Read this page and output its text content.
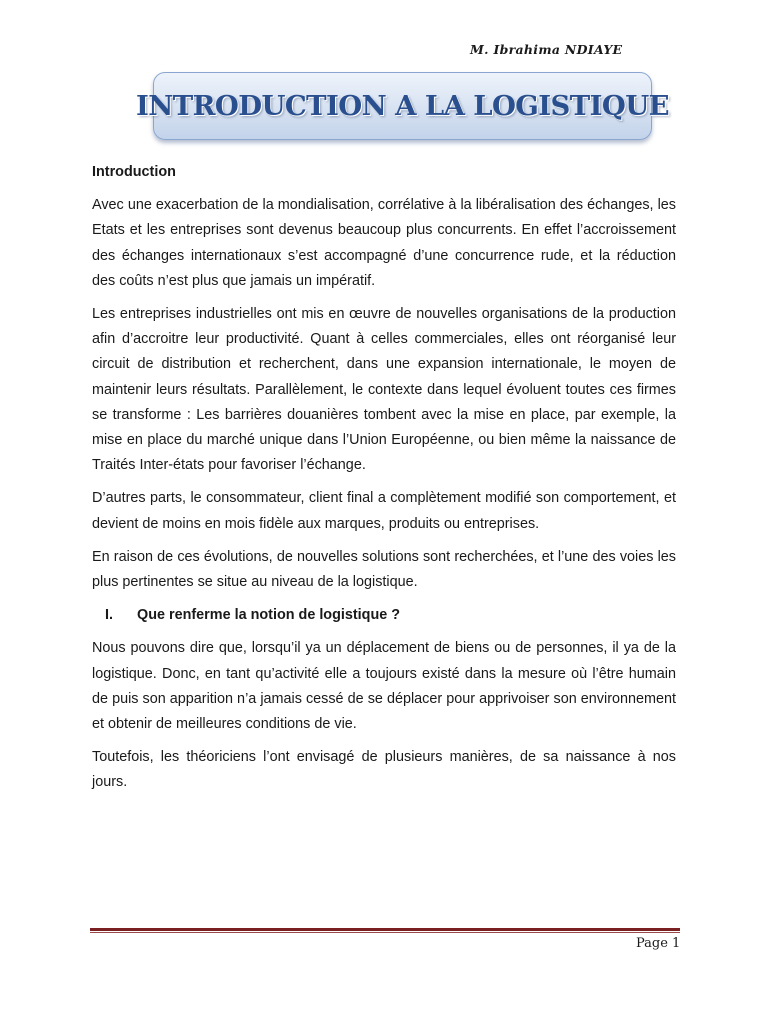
M. Ibrahima NDIAYE
INTRODUCTION A LA LOGISTIQUE

Introduction

Avec une exacerbation de la mondialisation, corrélative à la libéralisation des échanges, les Etats et les entreprises sont devenus beaucoup plus concurrents. En effet l’accroissement des échanges internationaux s’est accompagné d’une concurrence rude, et la réduction des coûts n’est plus que jamais un impératif.

Les entreprises industrielles ont mis en œuvre de nouvelles organisations de la production afin d’accroitre leur productivité. Quant à celles commerciales, elles ont réorganisé leur circuit de distribution et recherchent, dans une expansion internationale, le moyen de maintenir leurs résultats. Parallèlement, le contexte dans lequel évoluent toutes ces firmes se transforme : Les barrières douanières tombent avec la mise en place, par exemple, la mise en place du marché unique dans l’Union Européenne, ou bien même la naissance de Traités Inter-états pour favoriser l’échange.

D’autres parts, le consommateur, client final a complètement modifié son comportement, et devient de moins en mois fidèle aux marques, produits ou entreprises.

En raison de ces évolutions, de nouvelles solutions sont recherchées, et l’une des voies les plus pertinentes se situe au niveau de la logistique.

I.	Que renferme la notion de logistique ?

Nous pouvons dire que, lorsqu’il ya un déplacement de biens ou de personnes, il ya de la logistique. Donc, en tant qu’activité elle a toujours existé dans la mesure où l’être humain de puis son apparition n’a jamais cessé de se déplacer pour apprivoiser son environnement et obtenir de meilleures conditions de vie.

Toutefois, les théoriciens l’ont envisagé de plusieurs manières, de sa naissance à nos jours.

Page 1
